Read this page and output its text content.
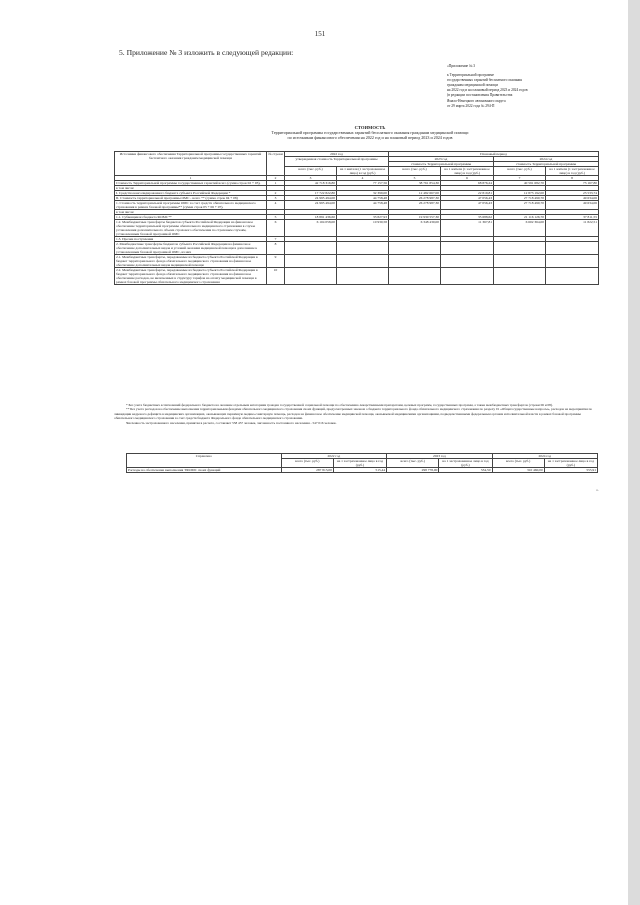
151
5. Приложение № 3 изложить в следующей редакции:
«Приложение № 3
к Территориальной программе
государственных гарантий бесплатного оказания
гражданам медицинской помощи
на 2022 год и на плановый период 2023 и 2024 годов
(в редакции постановления Правительства
Ямало-Ненецкого автономного округа
от 29 марта 2022 года № 294-П
СТОИМОСТЬ
Территориальной программы государственных гарантий бесплатного оказания гражданам медицинской помощи
по источникам финансового обеспечения на 2022 год и на плановый период 2023 и 2024 годов
Источники финансового обеспечения Территориальной программы государственных гарантий бесплатного оказания гражданам медицинской помощи	№ строки	2022 год		Плановый период			
		утвержденная стоимость Территориальной программы		2023 год		2024 год	
				стоимость Территориальной программы		стоимость Территориальной программы	
		всего (тыс. руб.)	на 1 жителя (1 застрахованное лицо) в год (руб.)	всего (тыс. руб.)	на 1 жителя (1 застрахованное лицо) в год (руб.)	всего (тыс. руб.)	на 1 жителя (1 застрахованное лицо) в год (руб.)
1	2	3	4	5	6	7	8
Стоимость Территориальной программы государственных гарантий всего (сумма строк 02 + 03),	1	42 718 316,80	77 157,56	38 761 854,30	68 876,24	40 591 682,70	73 167,80
в том числе:							
I. Средства консолидированного бюджета субъекта Российской Федерации *	2	17 722 822,80	32 399,00	12 482 667,00	22 819,81	12 873 192,00	23 533,74
II. Стоимость территориальной программы ОМС - всего ** (сумма строк 04 + 08)	3	24 995 494,00	44 758,48	26 278 987,30	47 056,43	27 718 490,70	49 634,06
1. Стоимость территориальной программы ОМС за счет средств обязательного медицинского страхования в рамках базовой программы** (сумма строк 05 + 06 + 07),	4	24 995 494,00	44 758,48	26 278 987,30	47 056,43	27 718 490,70	49 634,06
в том числе:							
1.1. Субвенции из бюджета ФОМС**	5	18 891 436,60	33 827,93	19 930 557,30	35 688,62	21 116 126,70	37 811,55
1.2. Межбюджетные трансферты бюджетов субъекта Российской Федерации на финансовое обеспечение территориальной программы обязательного медицинского страхования в случае установления дополнительного объема страхового обеспечения по страховым случаям, установленным базовой программой ОМС	6	6 104 058,00	10 930,58	6 348 430,00	11 367,81	6 602 364,00	11 822,51
1.3. Прочие поступления	7						
2. Межбюджетные трансферты бюджетов субъекта Российской Федерации на финансовое обеспечение дополнительных видов и условий оказания медицинской помощи в дополнение к установленным базовой программой ОМС, из них	8						
2.1. Межбюджетные трансферты, передаваемые из бюджета субъекта Российской Федерации в бюджет территориального фонда обязательного медицинского страхования на финансовое обеспечение дополнительных видов медицинской помощи	9						
2.2. Межбюджетные трансферты, передаваемые из бюджета субъекта Российской Федерации в бюджет территориального фонда обязательного медицинского страхования на финансовое обеспечение расходов, не включенных в структуру тарифов на оплату медицинской помощи в рамках базовой программы обязательного медицинского страхования	10						
* Без учета бюджетных ассигнований федерального бюджета на оказание отдельным категориям граждан государственной социальной помощи по обеспечению лекарственными препаратами, целевых программ, государственных программ, а также межбюджетных трансфертов (строки 06 и 08).
** Без учета расходов на обеспечение выполнения территориальными фондами обязательного медицинского страхования своих функций, предусмотренных законом о бюджете территориального фонда обязательного медицинского страхования по разделу 01 «Общегосударственные вопросы», расходов на мероприятия по ликвидации кадрового дефицита в медицинских организациях, оказывающих первичную медико-санитарную помощь, расходов на финансовое обеспечение медицинской помощи, оказываемой медицинскими организациями, подведомственными федеральным органам исполнительной власти в рамках базовой программы обязательного медицинского страхования за счет средств бюджета Федерального фонда обязательного медицинского страхования.
Численность застрахованного населения, принятая в расчете, составляет 558 457 человек, численность постоянного населения - 547 016 человек.
Справочно	2022 год		2023 год		2024 год	
	всего (тыс. руб.)	на 1 застрахованное лицо в год (руб.)	всего (тыс. руб.)	на 1 застрахованное лицо в год (руб.)	всего (тыс. руб.)	на 1 застрахованное лицо в год (руб.)
Расходы на обеспечение выполнения ТФОМС своих функций	287 813,00	515,44	298 778,00	534,50	310 460,00	555,91
».
